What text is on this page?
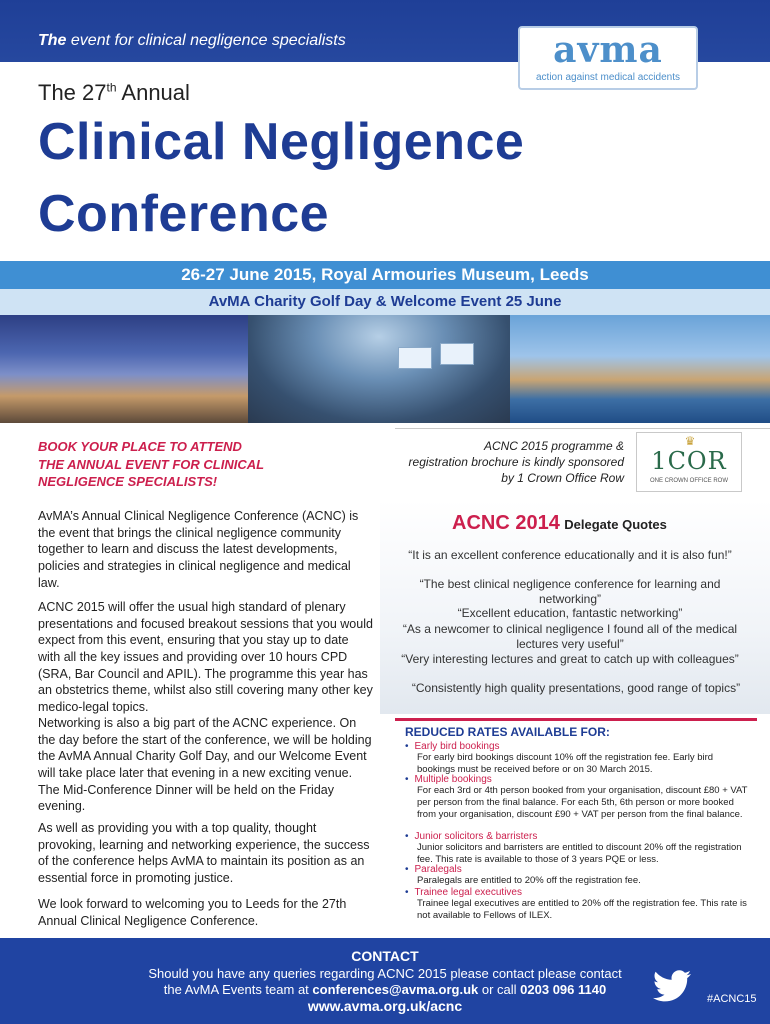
The event for clinical negligence specialists	avma
action against medical accidents
The 27th Annual
Clinical Negligence
Conference
26-27 June 2015, Royal Armouries Museum, Leeds
AvMA Charity Golf Day & Welcome Event 25 June
BOOK YOUR PLACE TO ATTEND
THE ANNUAL EVENT FOR CLINICAL
NEGLIGENCE SPECIALISTS!
ACNC 2015 programme &
registration brochure is kindly sponsored
by 1 Crown Office Row
♛
1COR
ONE CROWN OFFICE ROW
AvMA’s Annual Clinical Negligence Conference (ACNC) is the event that brings the clinical negligence community together to learn and discuss the latest developments, policies and strategies in clinical negligence and medical law.
ACNC 2015 will offer the usual high standard of plenary presentations and focused breakout sessions that you would expect from this event, ensuring that you stay up to date with all the key issues and providing over 10 hours CPD (SRA, Bar Council and APIL). The programme this year has an obstetrics theme, whilst also still covering many other key medico-legal topics.
Networking is also a big part of the ACNC experience. On the day before the start of the conference, we will be holding the AvMA Annual Charity Golf Day, and our Welcome Event will take place later that evening in a new exciting venue. The Mid-Conference Dinner will be held on the Friday evening.
As well as providing you with a top quality, thought provoking, learning and networking experience, the success of the conference helps AvMA to maintain its position as an essential force in promoting justice.
We look forward to welcoming you to Leeds for the 27th Annual Clinical Negligence Conference.
ACNC 2014 Delegate Quotes
“It is an excellent conference educationally and it is also fun!”
“The best clinical negligence conference for learning and networking”
“Excellent education, fantastic networking”
“As a newcomer to clinical negligence I found all of the medical lectures very useful”
“Very interesting lectures and great to catch up with colleagues”
“Consistently high quality presentations, good range of topics”
REDUCED RATES AVAILABLE FOR:
• Early bird bookings
For early bird bookings discount 10% off the registration fee. Early bird bookings must be received before or on 30 March 2015.
• Multiple bookings
For each 3rd or 4th person booked from your organisation, discount £80 + VAT per person from the final balance. For each 5th, 6th person or more booked from your organisation, discount £90 + VAT per person from the final balance.
• Junior solicitors & barristers
Junior solicitors and barristers are entitled to discount 20% off the registration fee. This rate is available to those of 3 years PQE or less.
• Paralegals
Paralegals are entitled to 20% off the registration fee.
• Trainee legal executives
Trainee legal executives are entitled to 20% off the registration fee. This rate is not available to Fellows of ILEX.
CONTACT
Should you have any queries regarding ACNC 2015 please contact please contact
the AvMA Events team at conferences@avma.org.uk or call 0203 096 1140
www.avma.org.uk/acnc	#ACNC15
